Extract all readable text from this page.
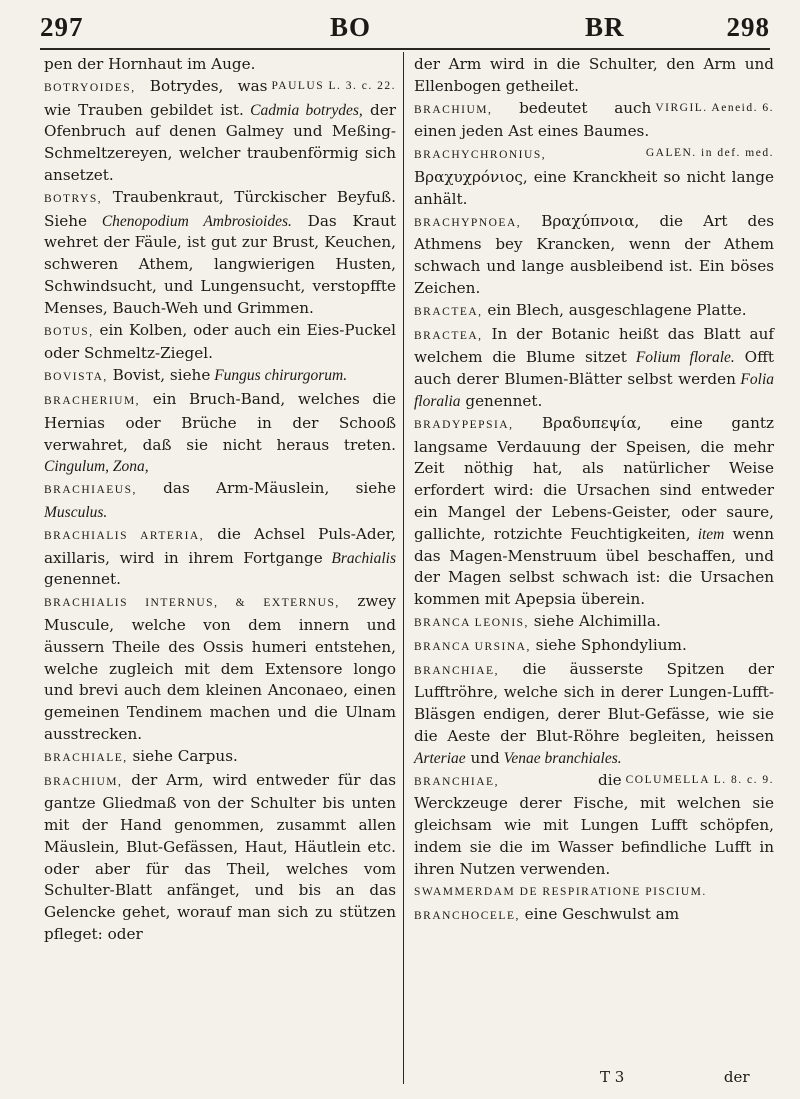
297	BO	BR	298

pen der Hornhaut im Auge.

PAULUS L. 3. c. 22.

BOTRYOIDES, Botrydes, was wie Trauben gebildet ist. Cadmia botrydes, der Ofenbruch auf denen Galmey und Meßing-Schmeltzereyen, welcher traubenförmig sich ansetzet.

BOTRYS, Traubenkraut, Türckischer Beyfuß. Siehe Chenopodium Ambrosioides. Das Kraut wehret der Fäule, ist gut zur Brust, Keuchen, schweren Athem, langwierigen Husten, Schwindsucht, und Lungensucht, verstopffte Menses, Bauch-Weh und Grimmen.

BOTUS, ein Kolben, oder auch ein Eies-Puckel oder Schmeltz-Ziegel.

BOVISTA, Bovist, siehe Fungus chirurgorum.

BRACHERIUM, ein Bruch-Band, welches die Hernias oder Brüche in der Schooß verwahret, daß sie nicht heraus treten. Cingulum, Zona,

BRACHIAEUS, das Arm-Mäuslein, siehe Musculus.

BRACHIALIS ARTERIA, die Achsel Puls-Ader, axillaris, wird in ihrem Fortgange Brachialis genennet.

BRACHIALIS INTERNUS, & EXTERNUS, zwey Muscule, welche von dem innern und äussern Theile des Ossis humeri entstehen, welche zugleich mit dem Extensore longo und brevi auch dem kleinen Anconaeo, einen gemeinen Tendinem machen und die Ulnam ausstrecken.

BRACHIALE, siehe Carpus.

BRACHIUM, der Arm, wird entweder für das gantze Gliedmaß von der Schulter bis unten mit der Hand genommen, zusammt allen Mäuslein, Blut-Gefässen, Haut, Häutlein etc. oder aber für das Theil, welches vom Schulter-Blatt anfänget, und bis an das Gelencke gehet, worauf man sich zu stützen pfleget: oder

der Arm wird in die Schulter, den Arm und Ellenbogen getheilet.

VIRGIL. Aeneid. 6.
BRACHIUM, bedeutet auch einen jeden Ast eines Baumes.

GALEN. in def. med.
BRACHYCHRONIUS, Βραχυχρόνιος, eine Kranckheit so nicht lange anhält.

BRACHYPNOEA, Βραχύπνοια, die Art des Athmens bey Krancken, wenn der Athem schwach und lange ausbleibend ist. Ein böses Zeichen.

BRACTEA, ein Blech, ausgeschlagene Platte.

BRACTEA, In der Botanic heißt das Blatt auf welchem die Blume sitzet Folium florale. Offt auch derer Blumen-Blätter selbst werden Folia floralia genennet.

BRADYPEPSIA, Βραδυπεψία, eine gantz langsame Verdauung der Speisen, die mehr Zeit nöthig hat, als natürlicher Weise erfordert wird: die Ursachen sind entweder ein Mangel der Lebens-Geister, oder saure, gallichte, rotzichte Feuchtigkeiten, item wenn das Magen-Menstruum übel beschaffen, und der Magen selbst schwach ist: die Ursachen kommen mit Apepsia überein.

BRANCA LEONIS, siehe Alchimilla.

BRANCA URSINA, siehe Sphondylium.

BRANCHIAE, die äusserste Spitzen der Lufftröhre, welche sich in derer Lungen-Lufft-Bläsgen endigen, derer Blut-Gefässe, wie sie die Aeste der Blut-Röhre begleiten, heissen Arteriae und Venae branchiales.

COLUMELLA L. 8. c. 9.
BRANCHIAE, die Werckzeuge derer Fische, mit welchen sie gleichsam wie mit Lungen Lufft schöpfen, indem sie die im Wasser befindliche Lufft in ihren Nutzen verwenden.

SWAMMERDAM DE RESPIRATIONE PISCIUM.

BRANCHOCELE, eine Geschwulst am

T 3	der
